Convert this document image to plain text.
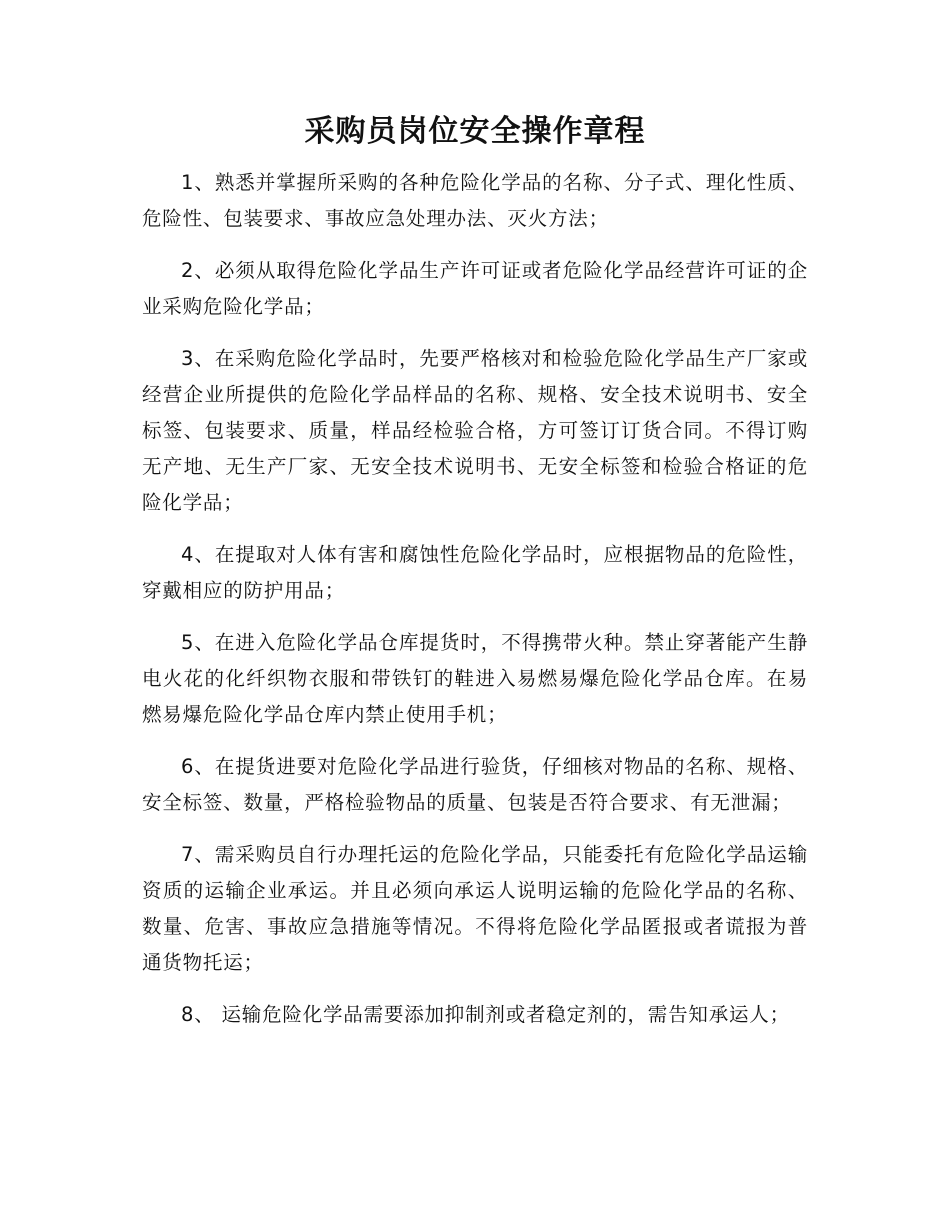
采购员岗位安全操作章程

1、熟悉并掌握所采购的各种危险化学品的名称、分子式、理化性质、危险性、包装要求、事故应急处理办法、灭火方法；

2、必须从取得危险化学品生产许可证或者危险化学品经营许可证的企业采购危险化学品；

3、在采购危险化学品时，先要严格核对和检验危险化学品生产厂家或经营企业所提供的危险化学品样品的名称、规格、安全技术说明书、安全标签、包装要求、质量，样品经检验合格，方可签订订货合同。不得订购无产地、无生产厂家、无安全技术说明书、无安全标签和检验合格证的危险化学品；

4、在提取对人体有害和腐蚀性危险化学品时，应根据物品的危险性，穿戴相应的防护用品；

5、在进入危险化学品仓库提货时，不得携带火种。禁止穿著能产生静电火花的化纤织物衣服和带铁钉的鞋进入易燃易爆危险化学品仓库。在易燃易爆危险化学品仓库内禁止使用手机；

6、在提货进要对危险化学品进行验货，仔细核对物品的名称、规格、安全标签、数量，严格检验物品的质量、包装是否符合要求、有无泄漏；

7、需采购员自行办理托运的危险化学品，只能委托有危险化学品运输资质的运输企业承运。并且必须向承运人说明运输的危险化学品的名称、数量、危害、事故应急措施等情况。不得将危险化学品匿报或者谎报为普通货物托运；

8、 运输危险化学品需要添加抑制剂或者稳定剂的，需告知承运人；
